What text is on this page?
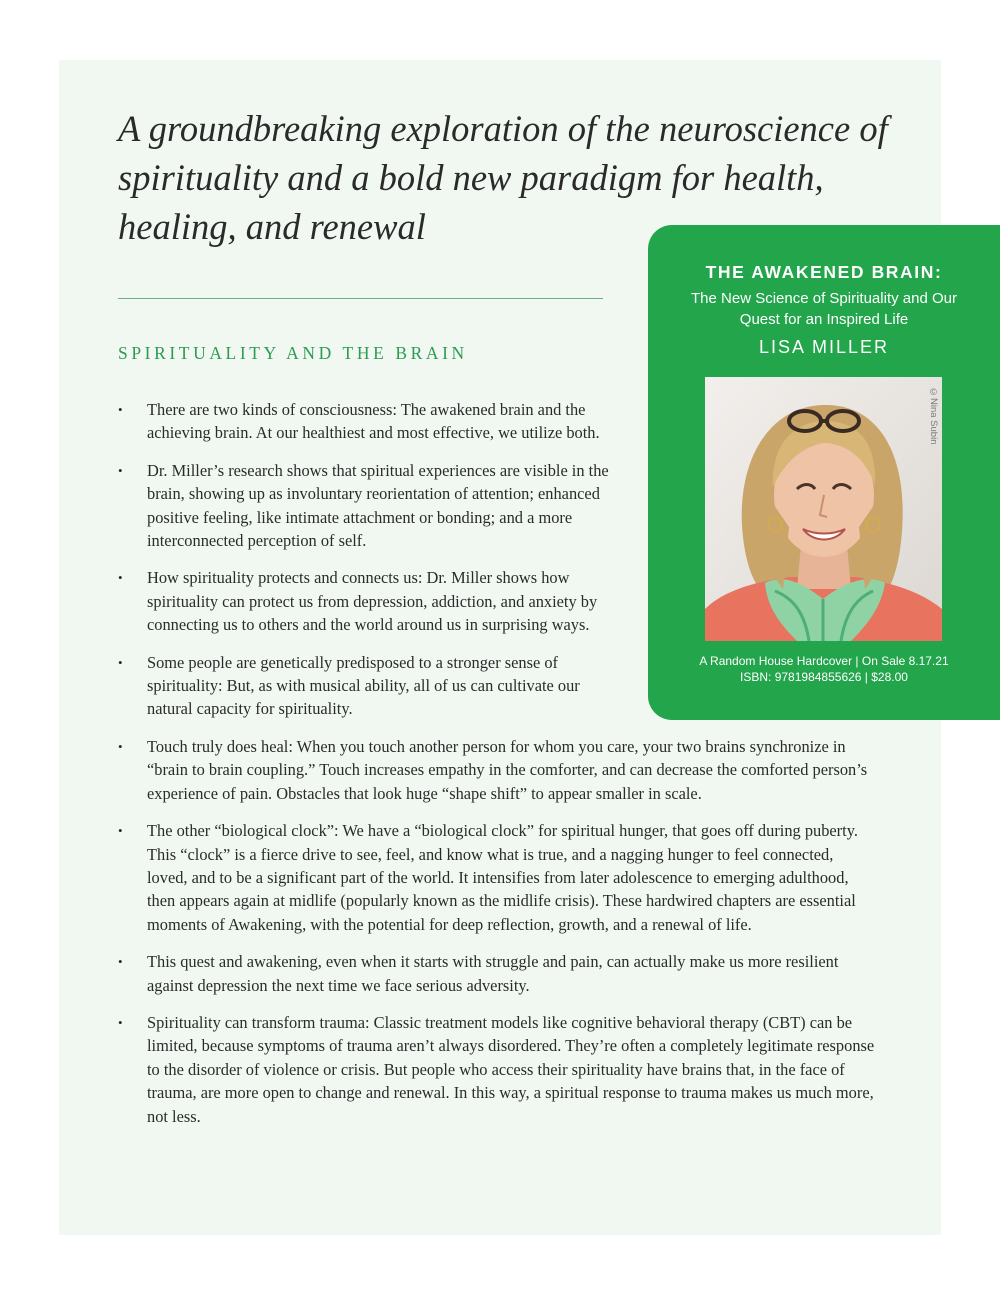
A groundbreaking exploration of the neuroscience of spirituality and a bold new paradigm for health, healing, and renewal
SPIRITUALITY AND THE BRAIN
• There are two kinds of consciousness: The awakened brain and the achieving brain. At our healthiest and most effective, we utilize both.
• Dr. Miller’s research shows that spiritual experiences are visible in the brain, showing up as involuntary reorientation of attention; enhanced positive feeling, like intimate attachment or bonding; and a more interconnected perception of self.
• How spirituality protects and connects us: Dr. Miller shows how spirituality can protect us from depression, addiction, and anxiety by connecting us to others and the world around us in surprising ways.
• Some people are genetically predisposed to a stronger sense of spirituality: But, as with musical ability, all of us can cultivate our natural capacity for spirituality.
• Touch truly does heal: When you touch another person for whom you care, your two brains synchronize in “brain to brain coupling.” Touch increases empathy in the comforter, and can decrease the comforted person’s experience of pain. Obstacles that look huge “shape shift” to appear smaller in scale.
• The other “biological clock”: We have a “biological clock” for spiritual hunger, that goes off during puberty. This “clock” is a fierce drive to see, feel, and know what is true, and a nagging hunger to feel connected, loved, and to be a significant part of the world. It intensifies from later adolescence to emerging adulthood, then appears again at midlife (popularly known as the midlife crisis). These hardwired chapters are essential moments of Awakening, with the potential for deep reflection, growth, and a renewal of life.
• This quest and awakening, even when it starts with struggle and pain, can actually make us more resilient against depression the next time we face serious adversity.
• Spirituality can transform trauma: Classic treatment models like cognitive behavioral therapy (CBT) can be limited, because symptoms of trauma aren’t always disordered. They’re often a completely legitimate response to the disorder of violence or crisis. But people who access their spirituality have brains that, in the face of trauma, are more open to change and renewal. In this way, a spiritual response to trauma makes us much more, not less.
THE AWAKENED BRAIN:
The New Science of Spirituality and Our Quest for an Inspired Life
LISA MILLER
©Nina Subin
A Random House Hardcover | On Sale 8.17.21
ISBN: 9781984855626 | $28.00
